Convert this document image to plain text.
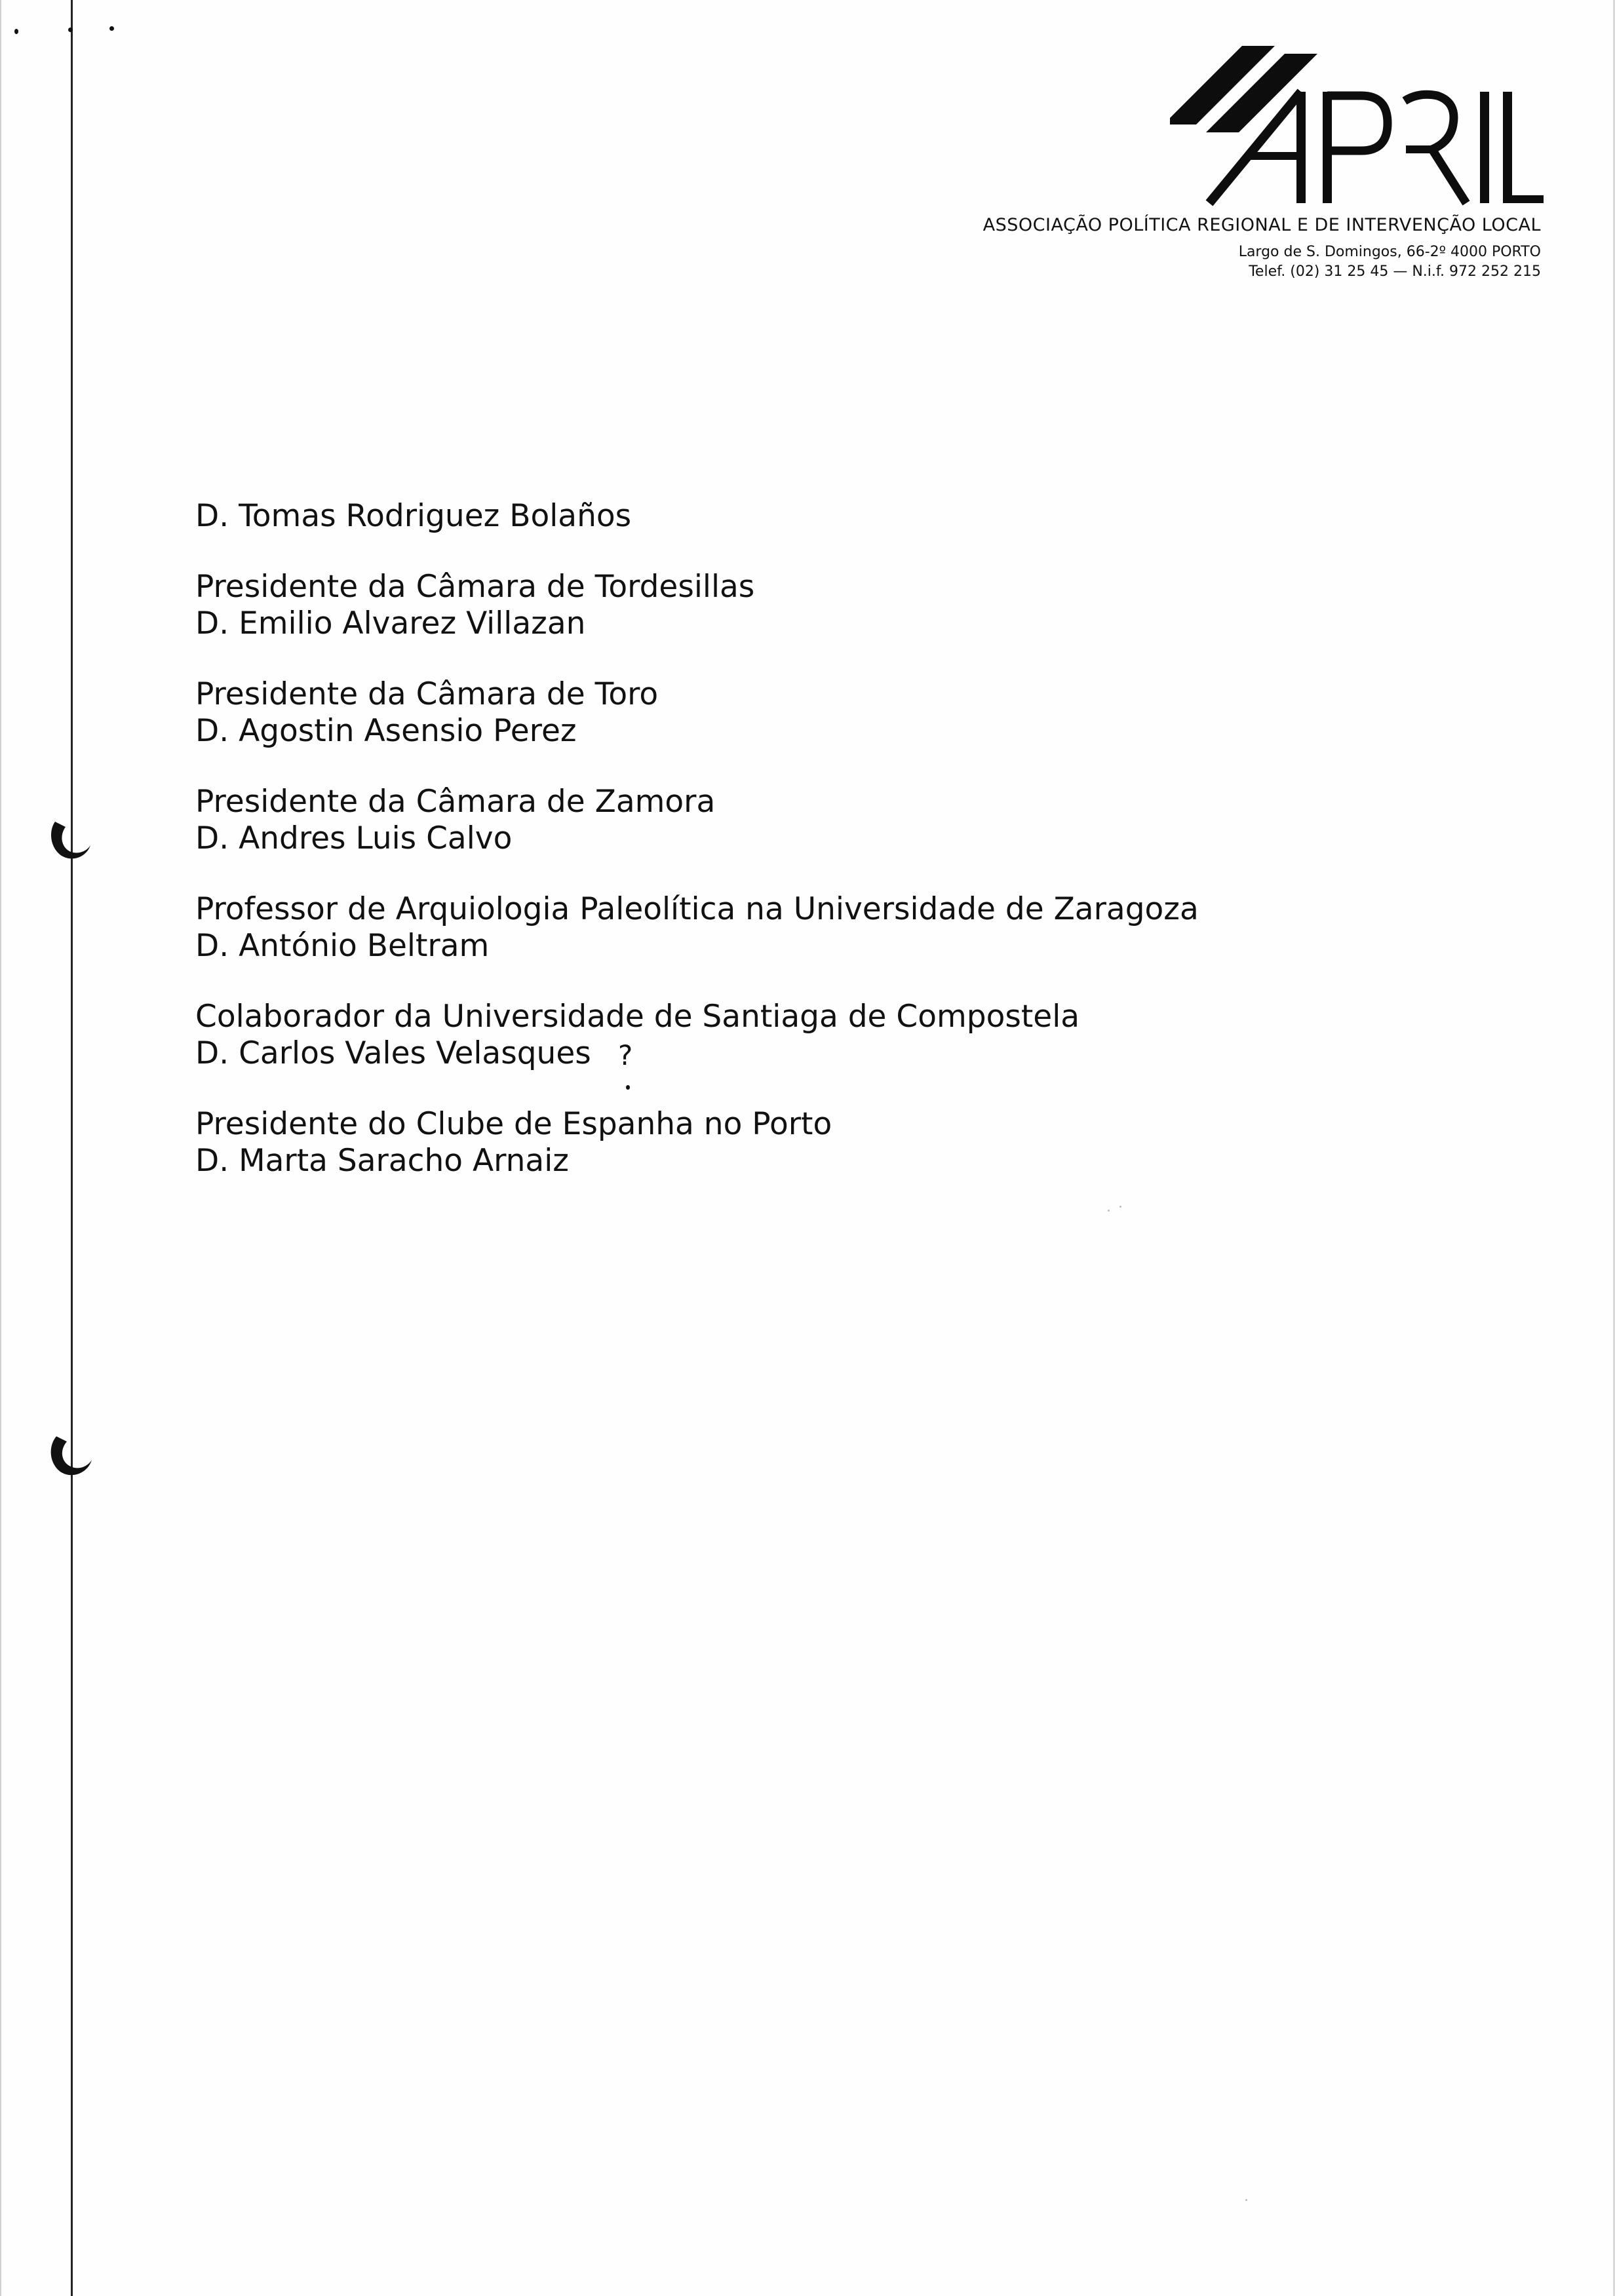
ASSOCIAÇÃO POLÍTICA REGIONAL E DE INTERVENÇÃO LOCAL
Largo de S. Domingos, 66-2º 4000 PORTO
Telef. (02) 31 25 45 — N.i.f. 972 252 215
D. Tomas Rodriguez Bolaños
Presidente da Câmara de Tordesillas
D. Emilio Alvarez Villazan
Presidente da Câmara de Toro
D. Agostin Asensio Perez
Presidente da Câmara de Zamora
D. Andres Luis Calvo
Professor de Arquiologia Paleolítica na Universidade de Zaragoza
D. António Beltram
Colaborador da Universidade de Santiaga de Compostela
D. Carlos Vales Velasques
Presidente do Clube de Espanha no Porto
D. Marta Saracho Arnaiz
?
